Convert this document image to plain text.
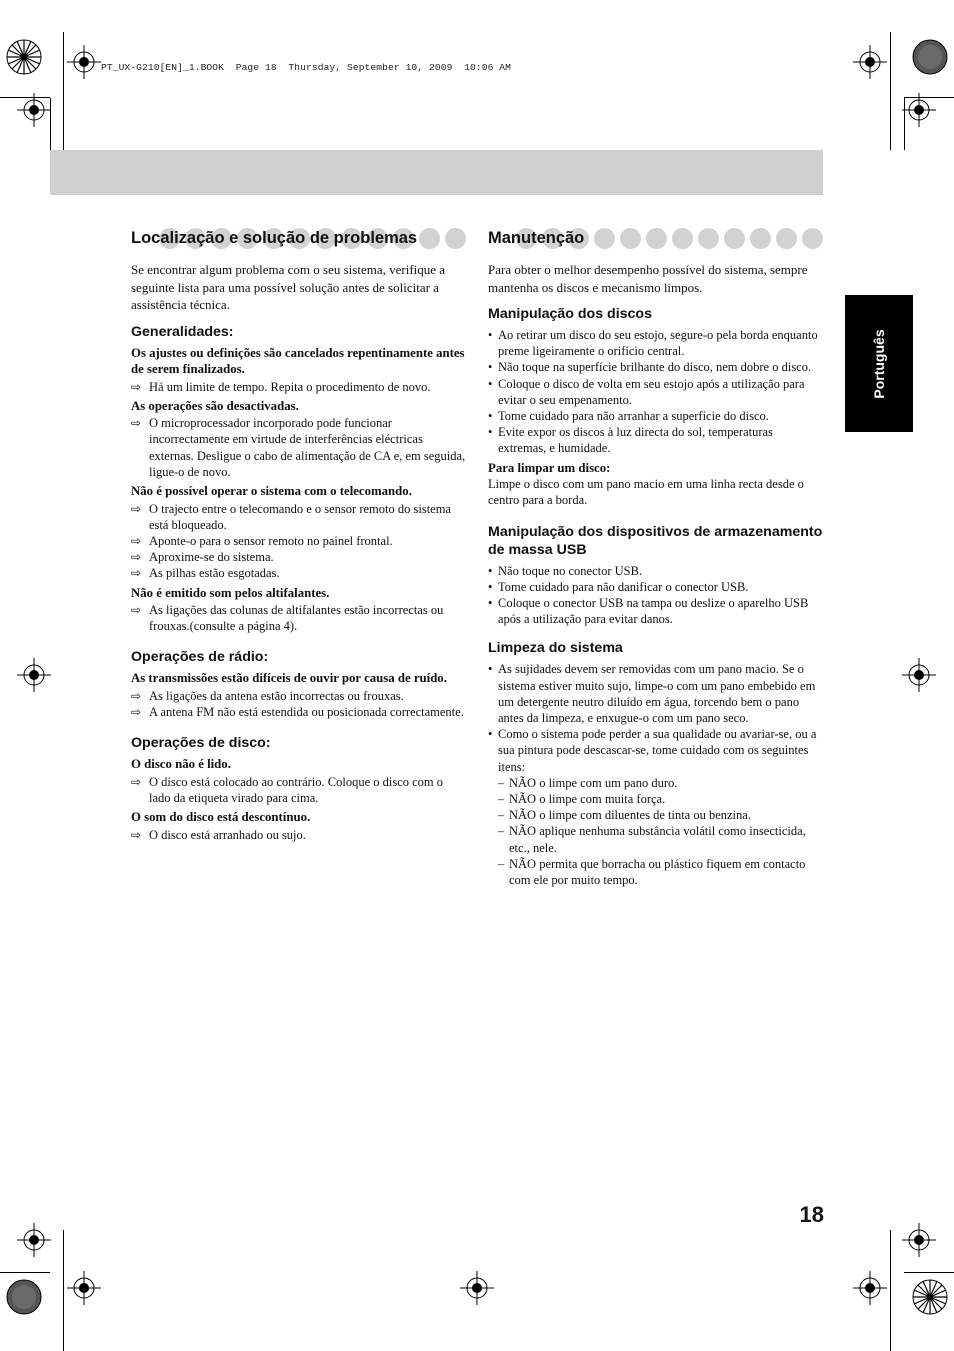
PT_UX-G210[EN]_1.BOOK  Page 18  Thursday, September 10, 2009  10:06 AM
Português
Localização e solução de problemas

Se encontrar algum problema com o seu sistema, verifique a seguinte lista para uma possível solução antes de solicitar a assistência técnica.

Generalidades:

Os ajustes ou definições são cancelados repentinamente antes de serem finalizados.

⇨ Há um limite de tempo. Repita o procedimento de novo.

As operações são desactivadas.

⇨ O microprocessador incorporado pode funcionar incorrectamente em virtude de interferências eléctricas externas. Desligue o cabo de alimentação de CA e, em seguida, ligue-o de novo.

Não é possível operar o sistema com o telecomando.

⇨ O trajecto entre o telecomando e o sensor remoto do sistema está bloqueado.

⇨ Aponte-o para o sensor remoto no painel frontal.

⇨ Aproxime-se do sistema.

⇨ As pilhas estão esgotadas.

Não é emitido som pelos altifalantes.

⇨ As ligações das colunas de altifalantes estão incorrectas ou frouxas.(consulte a página 4).

Operações de rádio:

As transmissões estão difíceis de ouvir por causa de ruído.

⇨ As ligações da antena estão incorrectas ou frouxas.

⇨ A antena FM não está estendida ou posicionada correctamente.

Operações de disco:

O disco não é lido.

⇨ O disco está colocado ao contrário. Coloque o disco com o lado da etiqueta virado para cima.

O som do disco está descontínuo.

⇨ O disco está arranhado ou sujo.

Manutenção

Para obter o melhor desempenho possível do sistema, sempre mantenha os discos e mecanismo limpos.

Manipulação dos discos
• Ao retirar um disco do seu estojo, segure-o pela borda enquanto preme ligeiramente o orifício central.
• Não toque na superfície brilhante do disco, nem dobre o disco.
• Coloque o disco de volta em seu estojo após a utilização para evitar o seu empenamento.
• Tome cuidado para não arranhar a superfície do disco.
• Evite expor os discos à luz directa do sol, temperaturas extremas, e humidade.

Para limpar um disco:

Limpe o disco com um pano macio em uma linha recta desde o centro para a borda.

Manipulação dos dispositivos de armazenamento de massa USB
• Não toque no conector USB.
• Tome cuidado para não danificar o conector USB.
• Coloque o conector USB na tampa ou deslize o aparelho USB após a utilização para evitar danos.
Limpeza do sistema
• As sujidades devem ser removidas com um pano macio. Se o sistema estiver muito sujo, limpe-o com um pano embebido em um detergente neutro diluído em água, torcendo bem o pano antes da limpeza, e enxugue-o com um pano seco.
• Como o sistema pode perder a sua qualidade ou avariar-se, ou a sua pintura pode descascar-se, tome cuidado com os seguintes itens:
– NÃO o limpe com um pano duro.
– NÃO o limpe com muita força.
– NÃO o limpe com diluentes de tinta ou benzina.
– NÃO aplique nenhuma substância volátil como insecticida, etc., nele.
– NÃO permita que borracha ou plástico fiquem em contacto com ele por muito tempo.
18
